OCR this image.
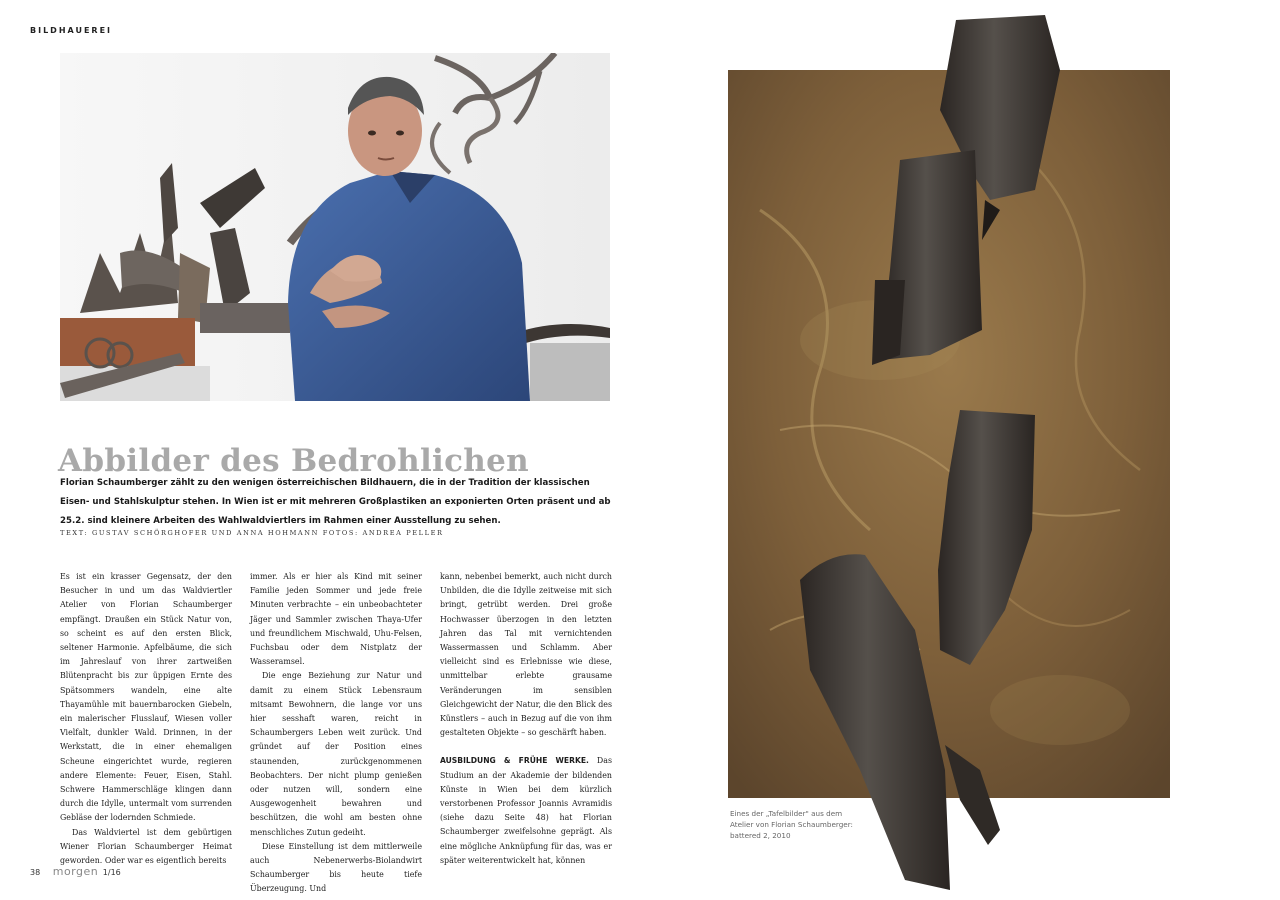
BILDHAUEREI
Abbilder des Bedrohlichen
Florian Schaumberger zählt zu den wenigen österreichischen Bildhauern, die in der Tradition der klassischen Eisen- und Stahlskulptur stehen. In Wien ist er mit mehreren Großplastiken an exponierten Orten präsent und ab 25.2. sind kleinere Arbeiten des Wahlwaldviertlers im Rahmen einer Ausstellung zu sehen.
TEXT: GUSTAV SCHÖRGHOFER UND ANNA HOHMANN FOTOS: ANDREA PELLER

Es ist ein krasser Gegensatz, der den Besucher in und um das Waldviertler Atelier von Florian Schaumberger empfängt. Draußen ein Stück Natur von, so scheint es auf den ersten Blick, seltener Harmonie. Apfelbäume, die sich im Jahreslauf von ihrer zartweißen Blütenpracht bis zur üppigen Ernte des Spätsommers wandeln, eine alte Thayamühle mit bauernbarocken Giebeln, ein malerischer Flusslauf, Wiesen voller Vielfalt, dunkler Wald. Drinnen, in der Werkstatt, die in einer ehemaligen Scheune eingerichtet wurde, regieren andere Elemente: Feuer, Eisen, Stahl. Schwere Hammerschläge klingen dann durch die Idylle, untermalt vom surrenden Gebläse der lodernden Schmiede.

Das Waldviertel ist dem gebürtigen Wiener Florian Schaumberger Heimat geworden. Oder war es eigentlich bereits

immer. Als er hier als Kind mit seiner Familie jeden Sommer und jede freie Minuten verbrachte – ein unbeobachteter Jäger und Sammler zwischen Thaya-Ufer und freundlichem Mischwald, Uhu-Felsen, Fuchsbau oder dem Nistplatz der Wasseramsel.

Die enge Beziehung zur Natur und damit zu einem Stück Lebensraum mitsamt Bewohnern, die lange vor uns hier sesshaft waren, reicht in Schaumbergers Leben weit zurück. Und gründet auf der Position eines staunenden, zurückgenommenen Beobachters. Der nicht plump genießen oder nutzen will, sondern eine Ausgewogenheit bewahren und beschützen, die wohl am besten ohne menschliches Zutun gedeiht.

Diese Einstellung ist dem mittlerweile auch Nebenerwerbs-Biolandwirt Schaumberger bis heute tiefe Überzeugung. Und

kann, nebenbei bemerkt, auch nicht durch Unbilden, die die Idylle zeitweise mit sich bringt, getrübt werden. Drei große Hochwasser überzogen in den letzten Jahren das Tal mit vernichtenden Wassermassen und Schlamm. Aber vielleicht sind es Erlebnisse wie diese, unmittelbar erlebte grausame Veränderungen im sensiblen Gleichgewicht der Natur, die den Blick des Künstlers – auch in Bezug auf die von ihm gestalteten Objekte – so geschärft haben.

AUSBILDUNG & FRÜHE WERKE. Das Studium an der Akademie der bildenden Künste in Wien bei dem kürzlich verstorbenen Professor Joannis Avramidis (siehe dazu Seite 48) hat Florian Schaumberger zweifelsohne geprägt. Als eine mögliche Anknüpfung für das, was er später weiterentwickelt hat, können

38 morgen 1/16
Eines der „Tafelbilder" aus dem
Atelier von Florian Schaumberger:
battered 2, 2010
